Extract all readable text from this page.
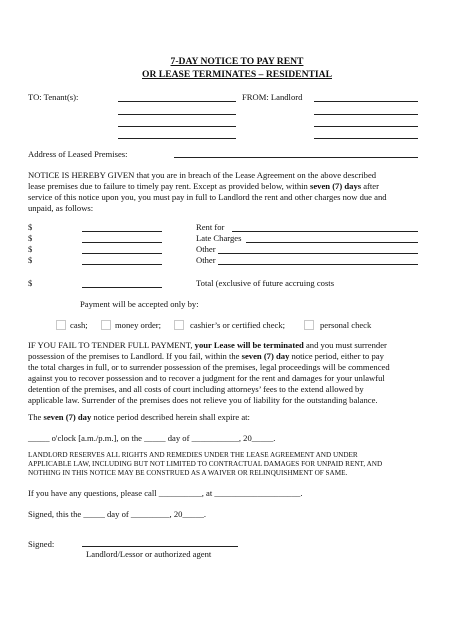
7-DAY NOTICE TO PAY RENT
OR LEASE TERMINATES – RESIDENTIAL
TO: Tenant(s):	FROM: Landlord
Address of Leased Premises:
NOTICE IS HEREBY GIVEN that you are in breach of the Lease Agreement on the above described
lease premises due to failure to timely pay rent. Except as provided below, within seven (7) days after
service of this notice upon you, you must pay in full to Landlord the rent and other charges now due and
unpaid, as follows:
$	Rent for
$	Late Charges
$	Other
$	Other
$	Total (exclusive of future accruing costs
Payment will be accepted only by:
cash;	money order;	cashier’s or certified check;	personal check
IF YOU FAIL TO TENDER FULL PAYMENT, your Lease will be terminated and you must surrender
possession of the premises to Landlord. If you fail, within the seven (7) day notice period, either to pay
the total charges in full, or to surrender possession of the premises, legal proceedings will be commenced
against you to recover possession and to recover a judgment for the rent and damages for your unlawful
detention of the premises, and all costs of court including attorneys’ fees to the extend allowed by
applicable law. Surrender of the premises does not relieve you of liability for the outstanding balance.
The seven (7) day notice period described herein shall expire at:
_____ o'clock [a.m./p.m.], on the _____ day of ___________, 20_____.
LANDLORD RESERVES ALL RIGHTS AND REMEDIES UNDER THE LEASE AGREEMENT AND UNDER
APPLICABLE LAW, INCLUDING BUT NOT LIMITED TO CONTRACTUAL DAMAGES FOR UNPAID RENT, AND
NOTHING IN THIS NOTICE MAY BE CONSTRUED AS A WAIVER OR RELINQUISHMENT OF SAME.
If you have any questions, please call __________, at ____________________.
Signed, this the _____ day of _________, 20_____.
Signed:
Landlord/Lessor or authorized agent
